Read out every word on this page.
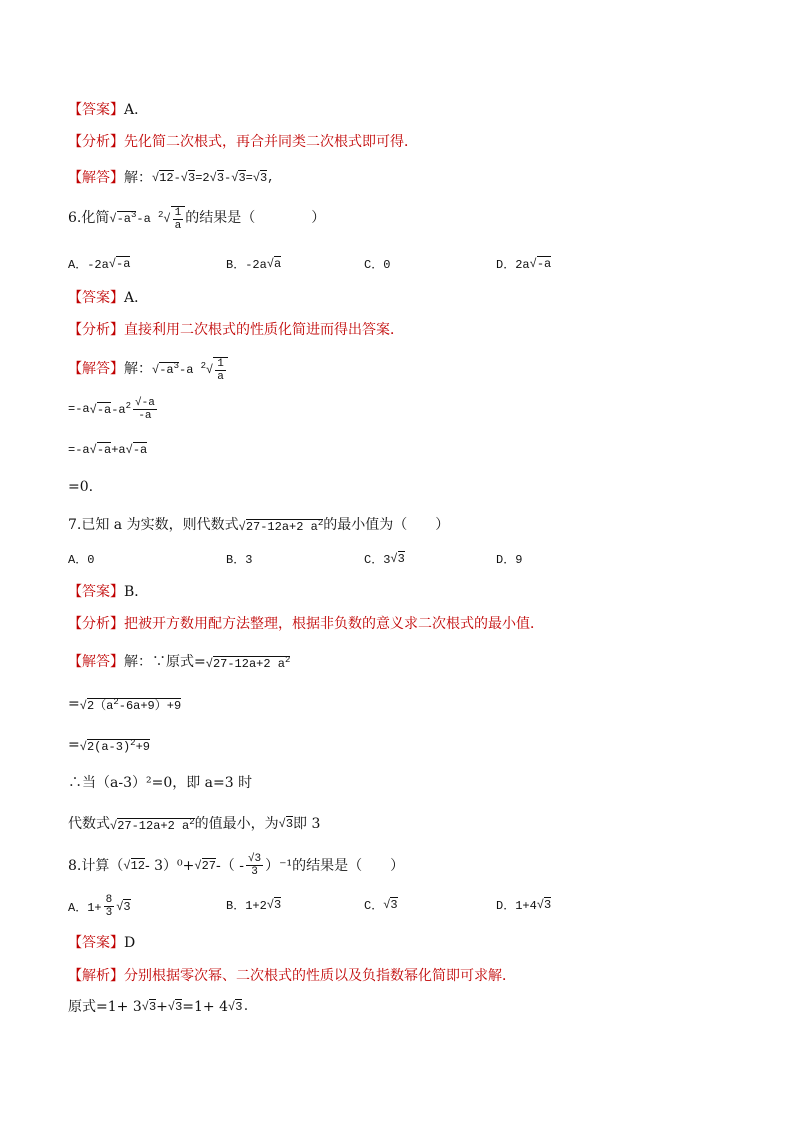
【答案】 A．
【分析】 先化简二次根式，再合并同类二次根式即可得．
【解答】 解： √12-√3=2√3-√3=√3,
6.化简 $√-a^3-a$ $^2√ \frac{1}{a}$ 的结果是（　　　　）
A．-2a √-a	B．-2a √a	C．0	D．2a √-a
【答案】 A．
【分析】 直接利用二次根式的性质化简进而得出答案．
【解答】 解： $√-a^3-a$ $^2√ \frac{1}{a}$
=-a $√-a-a^2 \frac{√-a}{-a}$
=-a √-a+a√-a
=0.
7.已知 a 为实数，则代数式 √27-12a+2 $a^2$ 的最小值为（　　）
A．0	B．3	C．3 √3	D．9
【答案】 B．
【分析】 把被开方数用配方法整理，根据非负数的意义求二次根式的最小值．
【解答】 解：∵原式= √27-12a+2 $a^2$
= $√2(a^2-6a+9)+9$
= $√2(a-3)^2+9$
∴当（a-3）²=0，即 a=3 时
代数式 √27-12a+2 $a^2$ 的值最小，为 √3 即 3
8.计算（ √12 - 3）⁰+ √27 -（ - $\frac{√3}{3} )^{-1}$的结果是（　　）
A．$1+ \frac{8}{3} √3$	B．1+2 √3	C． √3	D．1+4 √3
【答案】 D
【解析】 分别根据零次幂、二次根式的性质以及负指数幂化简即可求解．
原式=1+ 3 √3 + √3 =1+ 4 √3.
